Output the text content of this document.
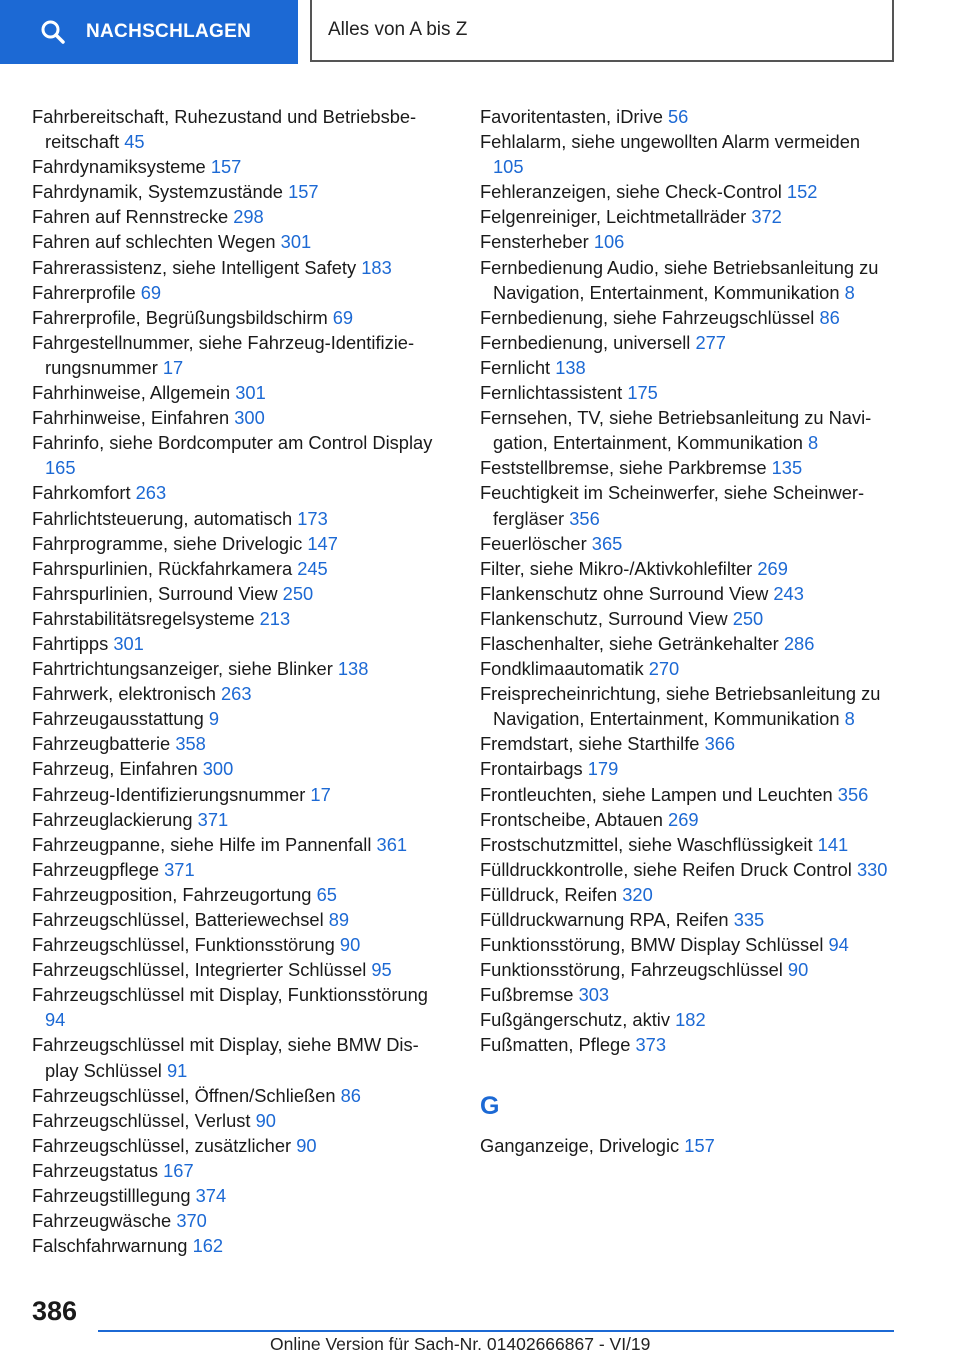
NACHSCHLAGEN	Alles von A bis Z
Fahrbereitschaft, Ruhezustand und Betriebsbereitschaft 45
Fahrdynamiksysteme 157
Fahrdynamik, Systemzustände 157
Fahren auf Rennstrecke 298
Fahren auf schlechten Wegen 301
Fahrerassistenz, siehe Intelligent Safety 183
Fahrerprofile 69
Fahrerprofile, Begrüßungsbildschirm 69
Fahrgestellnummer, siehe Fahrzeug-Identifizierungsnummer 17
Fahrhinweise, Allgemein 301
Fahrhinweise, Einfahren 300
Fahrinfo, siehe Bordcomputer am Control Display 165
Fahrkomfort 263
Fahrlichtsteuerung, automatisch 173
Fahrprogramme, siehe Drivelogic 147
Fahrspurlinien, Rückfahrkamera 245
Fahrspurlinien, Surround View 250
Fahrstabilitätsregelsysteme 213
Fahrtipps 301
Fahrtrichtungsanzeiger, siehe Blinker 138
Fahrwerk, elektronisch 263
Fahrzeugausstattung 9
Fahrzeugbatterie 358
Fahrzeug, Einfahren 300
Fahrzeug-Identifizierungsnummer 17
Fahrzeuglackierung 371
Fahrzeugpanne, siehe Hilfe im Pannenfall 361
Fahrzeugpflege 371
Fahrzeugposition, Fahrzeugortung 65
Fahrzeugschlüssel, Batteriewechsel 89
Fahrzeugschlüssel, Funktionsstörung 90
Fahrzeugschlüssel, Integrierter Schlüssel 95
Fahrzeugschlüssel mit Display, Funktionsstörung 94
Fahrzeugschlüssel mit Display, siehe BMW Display Schlüssel 91
Fahrzeugschlüssel, Öffnen/Schließen 86
Fahrzeugschlüssel, Verlust 90
Fahrzeugschlüssel, zusätzlicher 90
Fahrzeugstatus 167
Fahrzeugstilllegung 374
Fahrzeugwäsche 370
Falschfahrwarnung 162
Favoritentasten, iDrive 56
Fehlalarm, siehe ungewollten Alarm vermeiden 105
Fehleranzeigen, siehe Check-Control 152
Felgenreiniger, Leichtmetallräder 372
Fensterheber 106
Fernbedienung Audio, siehe Betriebsanleitung zu Navigation, Entertainment, Kommunikation 8
Fernbedienung, siehe Fahrzeugschlüssel 86
Fernbedienung, universell 277
Fernlicht 138
Fernlichtassistent 175
Fernsehen, TV, siehe Betriebsanleitung zu Navigation, Entertainment, Kommunikation 8
Feststellbremse, siehe Parkbremse 135
Feuchtigkeit im Scheinwerfer, siehe Scheinwerfergläser 356
Feuerlöscher 365
Filter, siehe Mikro-/Aktivkohlefilter 269
Flankenschutz ohne Surround View 243
Flankenschutz, Surround View 250
Flaschenhalter, siehe Getränkehalter 286
Fondklimaautomatik 270
Freisprecheinrichtung, siehe Betriebsanleitung zu Navigation, Entertainment, Kommunikation 8
Fremdstart, siehe Starthilfe 366
Frontairbags 179
Frontleuchten, siehe Lampen und Leuchten 356
Frontscheibe, Abtauen 269
Frostschutzmittel, siehe Waschflüssigkeit 141
Fülldruckkontrolle, siehe Reifen Druck Control 330
Fülldruck, Reifen 320
Fülldruckwarnung RPA, Reifen 335
Funktionsstörung, BMW Display Schlüssel 94
Funktionsstörung, Fahrzeugschlüssel 90
Fußbremse 303
Fußgängerschutz, aktiv 182
Fußmatten, Pflege 373
G
Ganganzeige, Drivelogic 157
386
Online Version für Sach-Nr. 01402666867 - VI/19
